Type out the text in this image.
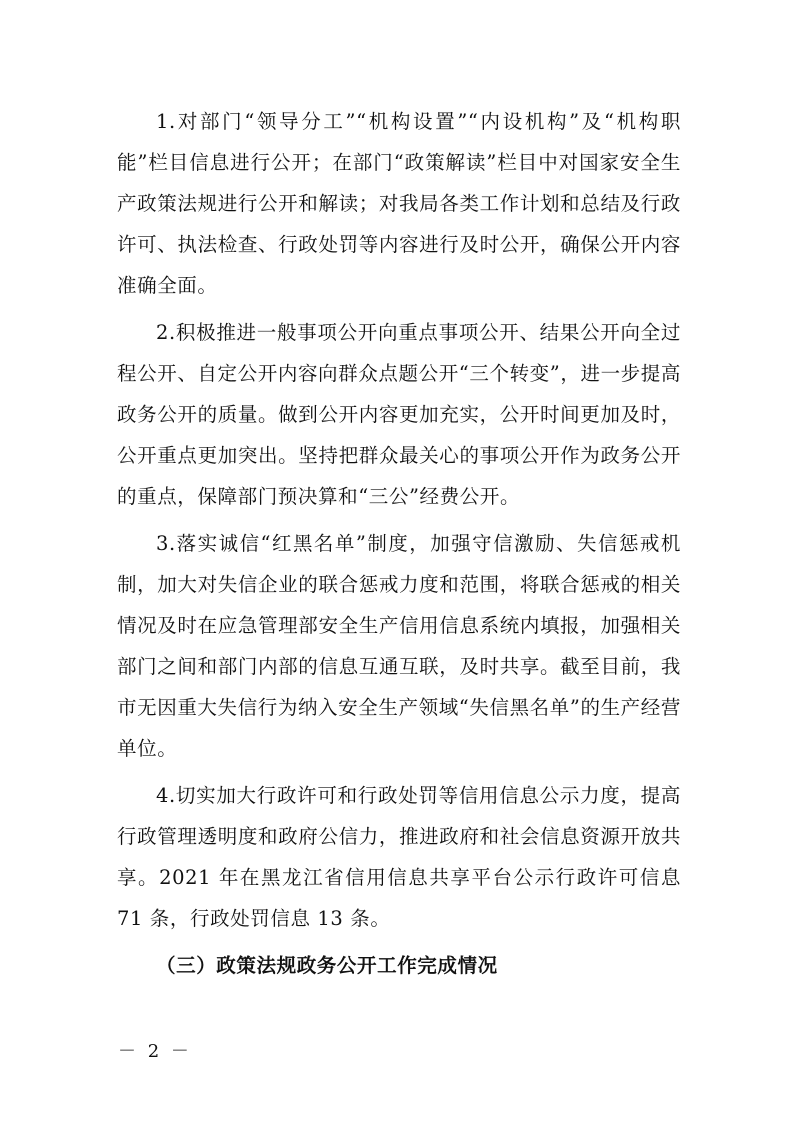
1.对部门“领导分工”“机构设置”“内设机构”及“机构职能”栏目信息进行公开；在部门“政策解读”栏目中对国家安全生产政策法规进行公开和解读；对我局各类工作计划和总结及行政许可、执法检查、行政处罚等内容进行及时公开，确保公开内容准确全面。

2.积极推进一般事项公开向重点事项公开、结果公开向全过程公开、自定公开内容向群众点题公开“三个转变”，进一步提高政务公开的质量。做到公开内容更加充实，公开时间更加及时，公开重点更加突出。坚持把群众最关心的事项公开作为政务公开的重点，保障部门预决算和“三公”经费公开。

3.落实诚信“红黑名单”制度，加强守信激励、失信惩戒机制，加大对失信企业的联合惩戒力度和范围，将联合惩戒的相关情况及时在应急管理部安全生产信用信息系统内填报，加强相关部门之间和部门内部的信息互通互联，及时共享。截至目前，我市无因重大失信行为纳入安全生产领域“失信黑名单”的生产经营单位。

4.切实加大行政许可和行政处罚等信用信息公示力度，提高行政管理透明度和政府公信力，推进政府和社会信息资源开放共享。2021 年在黑龙江省信用信息共享平台公示行政许可信息 71 条，行政处罚信息 13 条。

（三）政策法规政务公开工作完成情况

－ 2 －
